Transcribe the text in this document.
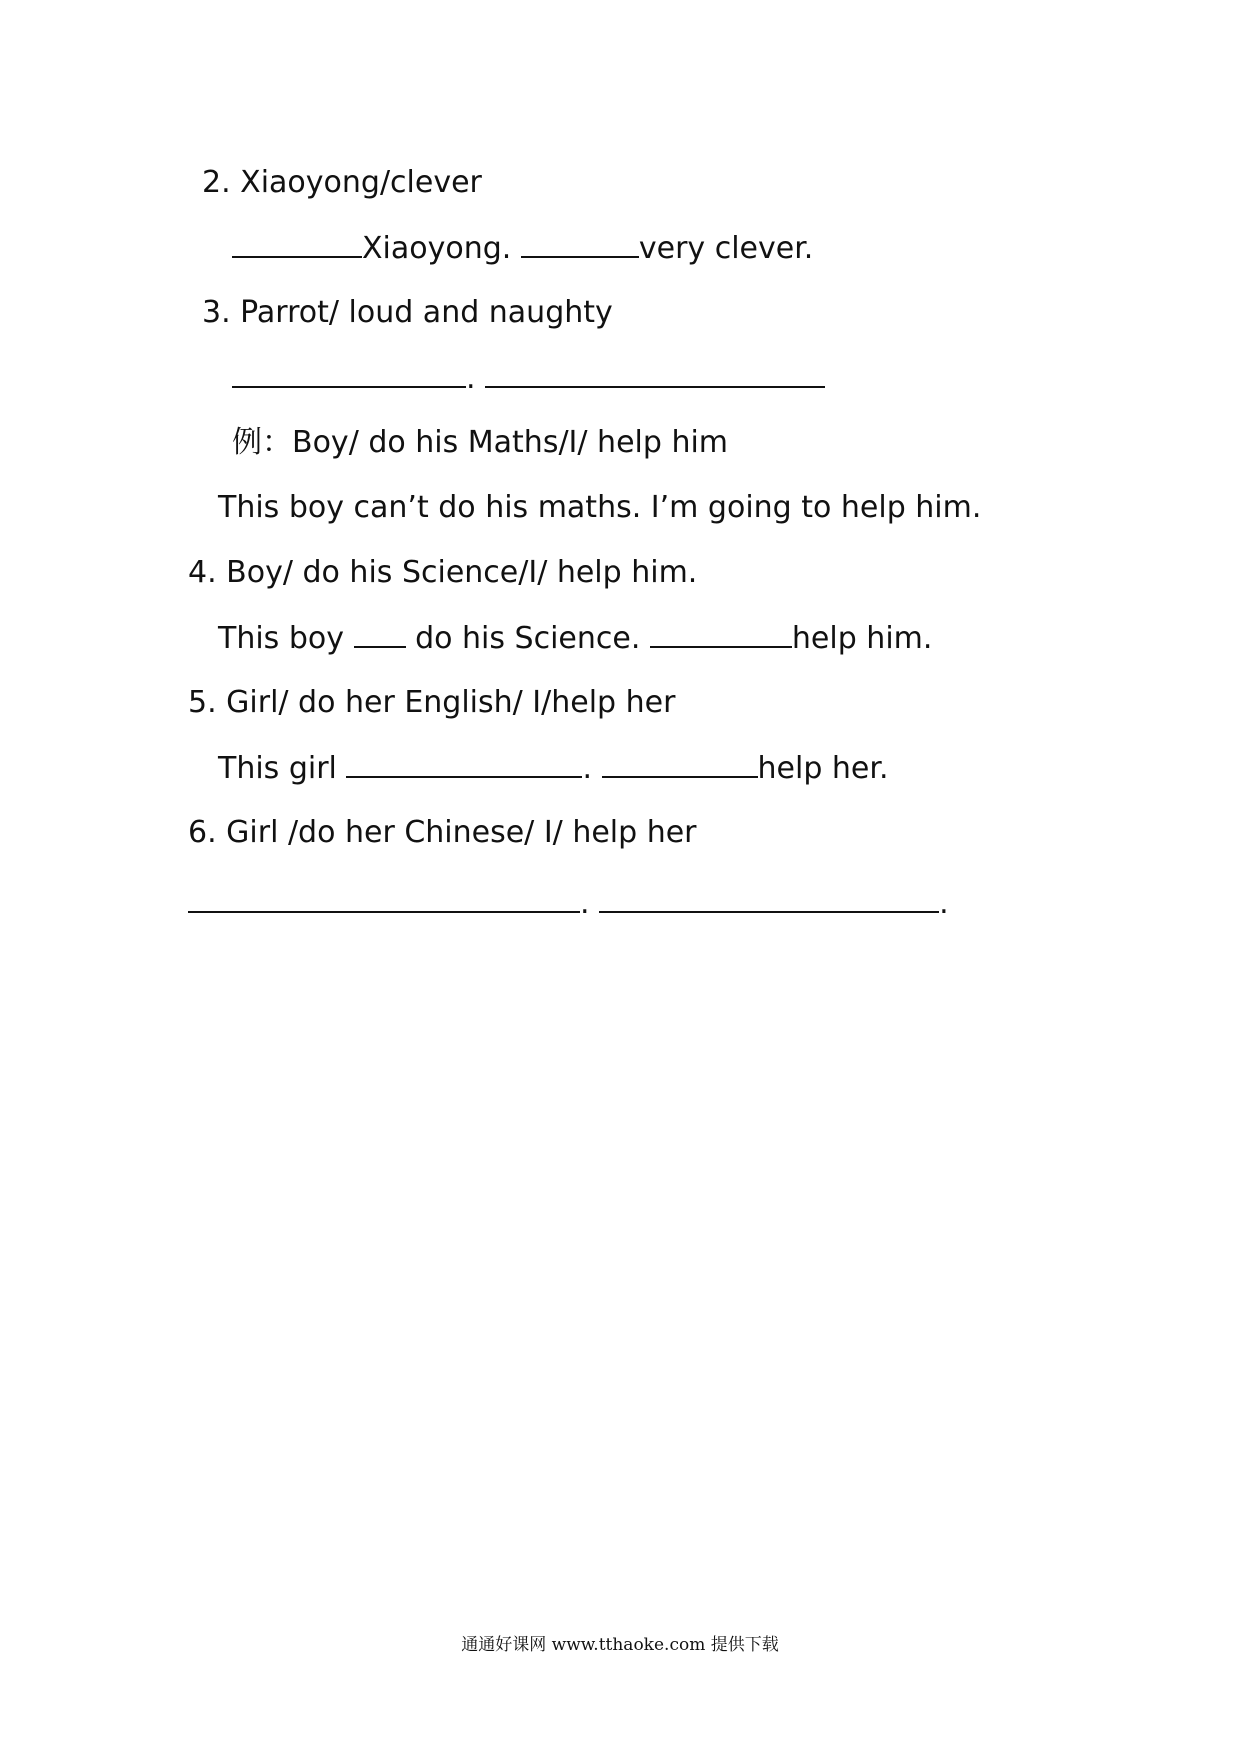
2. Xiaoyong/clever
Xiaoyong.	very clever.
3. Parrot/ loud and naughty
.
例：Boy/ do his Maths/I/ help him
This boy can’t do his maths. I’m going to help him.
4. Boy/ do his Science/I/ help him.
This boy do his Science.	help him.
5. Girl/ do her English/ I/help her
This girl	.	help her.
6. Girl /do her Chinese/ I/ help her
.	.
通通好课网 www.tthaoke.com 提供下载
